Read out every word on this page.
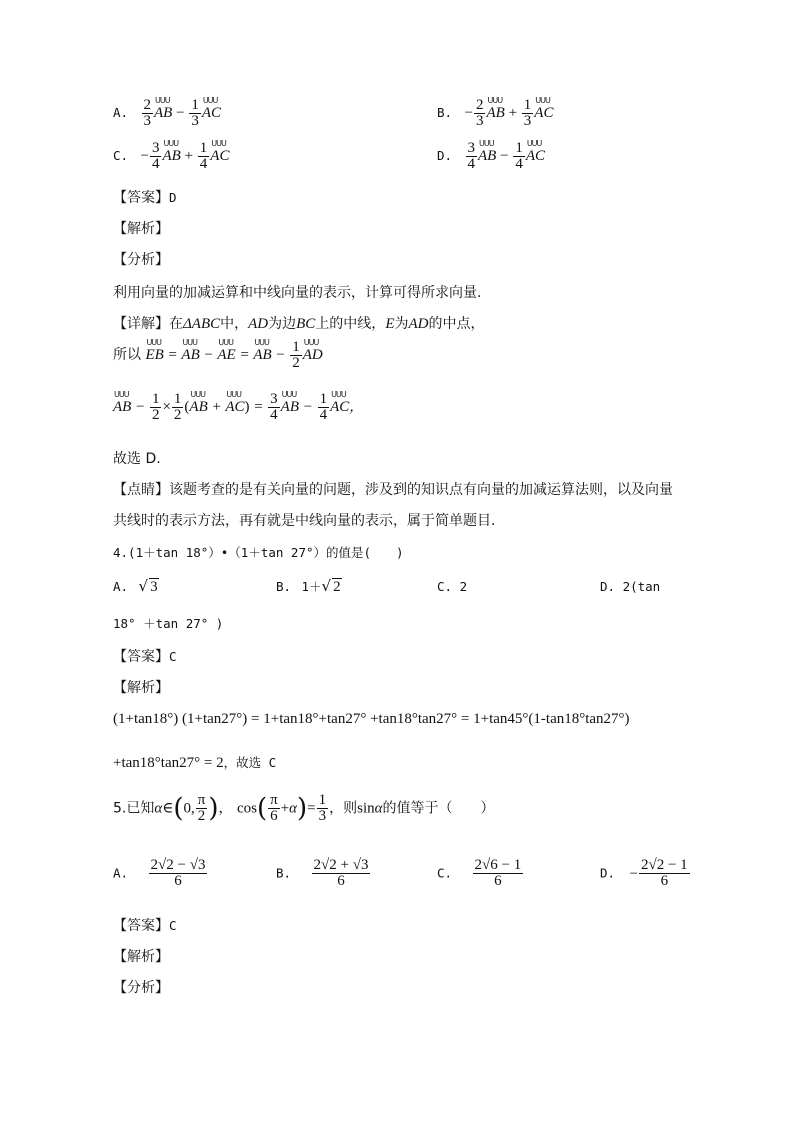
A. $\frac{2}{3}$ UUU AB − $\frac{1}{3}$ UUU AC	B. − $\frac{2}{3}$ UUU AB + $\frac{1}{3}$ UUU AC
C. − $\frac{3}{4}$ UUU AB + $\frac{1}{4}$ UUU AC	D. $\frac{3}{4}$ UUU AB − $\frac{1}{4}$ UUU AC
【答案】D
【解析】
【分析】
利用向量的加减运算和中线向量的表示，计算可得所求向量.
【详解】在ΔABC中，AD为边BC上的中线，E为AD的中点，
所以 UUU EB = UUU AB − UUU AE = UUU AB − $\frac{1}{2}$ UUU AD
UUU AB − $\frac{1}{2} \times \frac{1}{2} (UUU$ AB + UUU $AC) = \frac{3}{4}$ UUU AB − $\frac{1}{4}$ UUU AC，
故选 D.
【点睛】该题考查的是有关向量的问题，涉及到的知识点有向量的加减运算法则，以及向量
共线时的表示方法，再有就是中线向量的表示，属于简单题目.
4.(1＋tan 18°）•（1＋tan 27°）的值是(　　)
A. √ 3	B. 1＋√ 2	C. 2	D. 2(tan
18° ＋tan 27° )
【答案】C
【解析】
(1+tan18°) (1+tan27°) = 1+tan18°+tan27° +tan18°tan27° = 1+tan45°(1-tan18°tan27°)
+tan18°tan27° = 2，故选 C
5.已知α∈(0, $\frac{\pi}{2}$ )， $\cos( \frac{\pi}{6} +\alpha)= \frac{1}{3}$ ，则sinα的值等于（　　）
A. $\frac{2√2 - √3}{6}$	B. $\frac{2√2 + √3}{6}$	C. $\frac{2√6 - 1}{6}$	D. − $\frac{2√2 - 1}{6}$
【答案】C
【解析】
【分析】
